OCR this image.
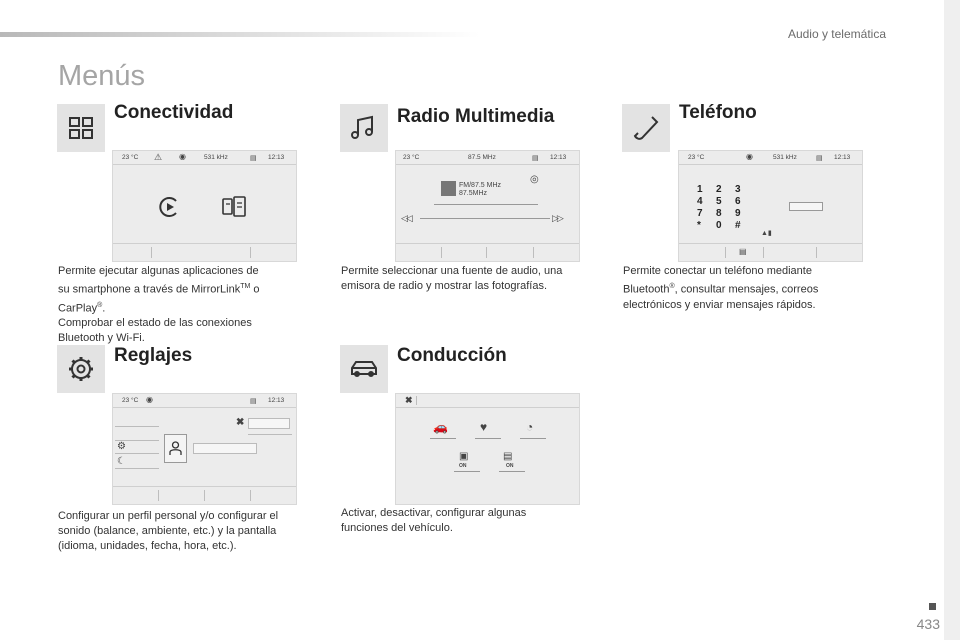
Audio y telemática
Menús
Conectividad
23 °C ⚠ ◉	531 kHz	▤ 12:13
Permite ejecutar algunas aplicaciones de
su smartphone a través de MirrorLink™ o
CarPlay®.
Comprobar el estado de las conexiones
Bluetooth y Wi-Fi.
Radio Multimedia
23 °C	87.5 MHz	▤ 12:13
◎
FM/87.5 MHz
87.5MHz
◁◁	▷▷
Permite seleccionar una fuente de audio, una
emisora de radio y mostrar las fotografías.
Teléfono
23 °C	◉	531 kHz	▤ 12:13
1	2	3
4	5	6
7	8	9
*	0	#
▲▮
▤
Permite conectar un teléfono mediante
Bluetooth®, consultar mensajes, correos
electrónicos y enviar mensajes rápidos.
Reglajes
23 °C ◉	▤ 12:13
✖
⚙
☾
Configurar un perfil personal y/o configurar el
sonido (balance, ambiente, etc.) y la pantalla
(idioma, unidades, fecha, hora, etc.).
Conducción
✖
🚗	♥	◔
▣
ON
▤
ON
Activar, desactivar, configurar algunas
funciones del vehículo.
433
